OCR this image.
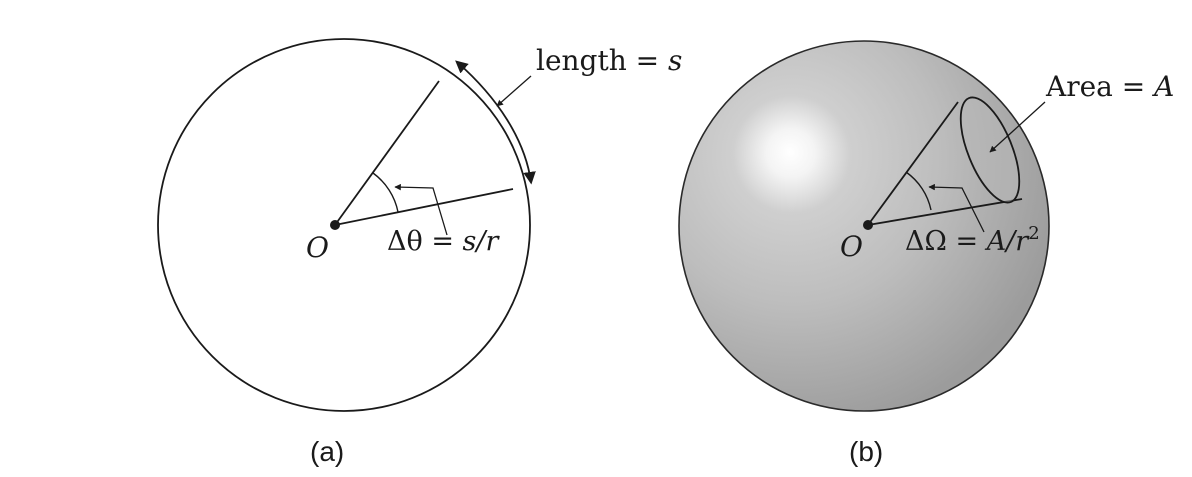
length = s
O Δθ = s/r
(a)
Area = A
O $\Delta\Omega = A/r^2$
(b)
